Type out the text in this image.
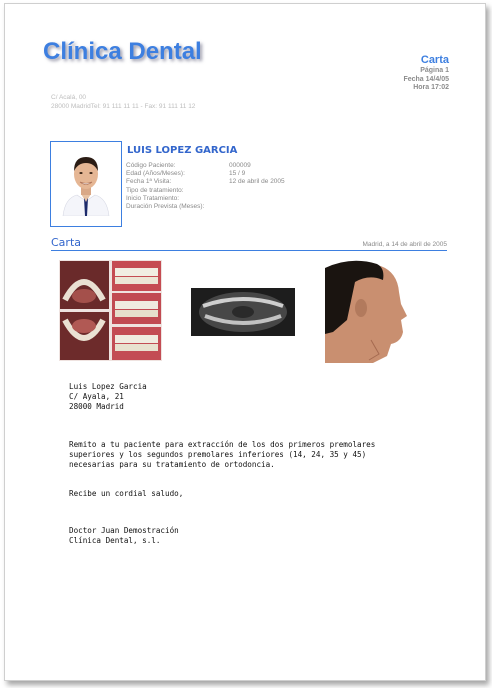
Clínica Dental	Carta
Página 1
Fecha 14/4/05
Hora 17:02
C/ Acalá, 00
28000 MadridTel: 91 111 11 11 - Fax: 91 111 11 12
LUIS LOPEZ GARCIA
Código Paciente:	000009
Edad (Años/Meses):	15 / 9
Fecha 1ª Visita:	12 de abril de 2005
Tipo de tratamiento:
Inicio Tratamiento:
Duración Prevista (Meses):
Carta	Madrid, a 14 de abril de 2005
Luis Lopez Garcia
C/ Ayala, 21
28000 Madrid
Remito a tu paciente para extracción de los dos primeros premolares
superiores y los segundos premolares inferiores (14, 24, 35 y 45)
necesarias para su tratamiento de ortodoncia.
Recibe un cordial saludo,
Doctor Juan Demostración
Clínica Dental, s.l.
